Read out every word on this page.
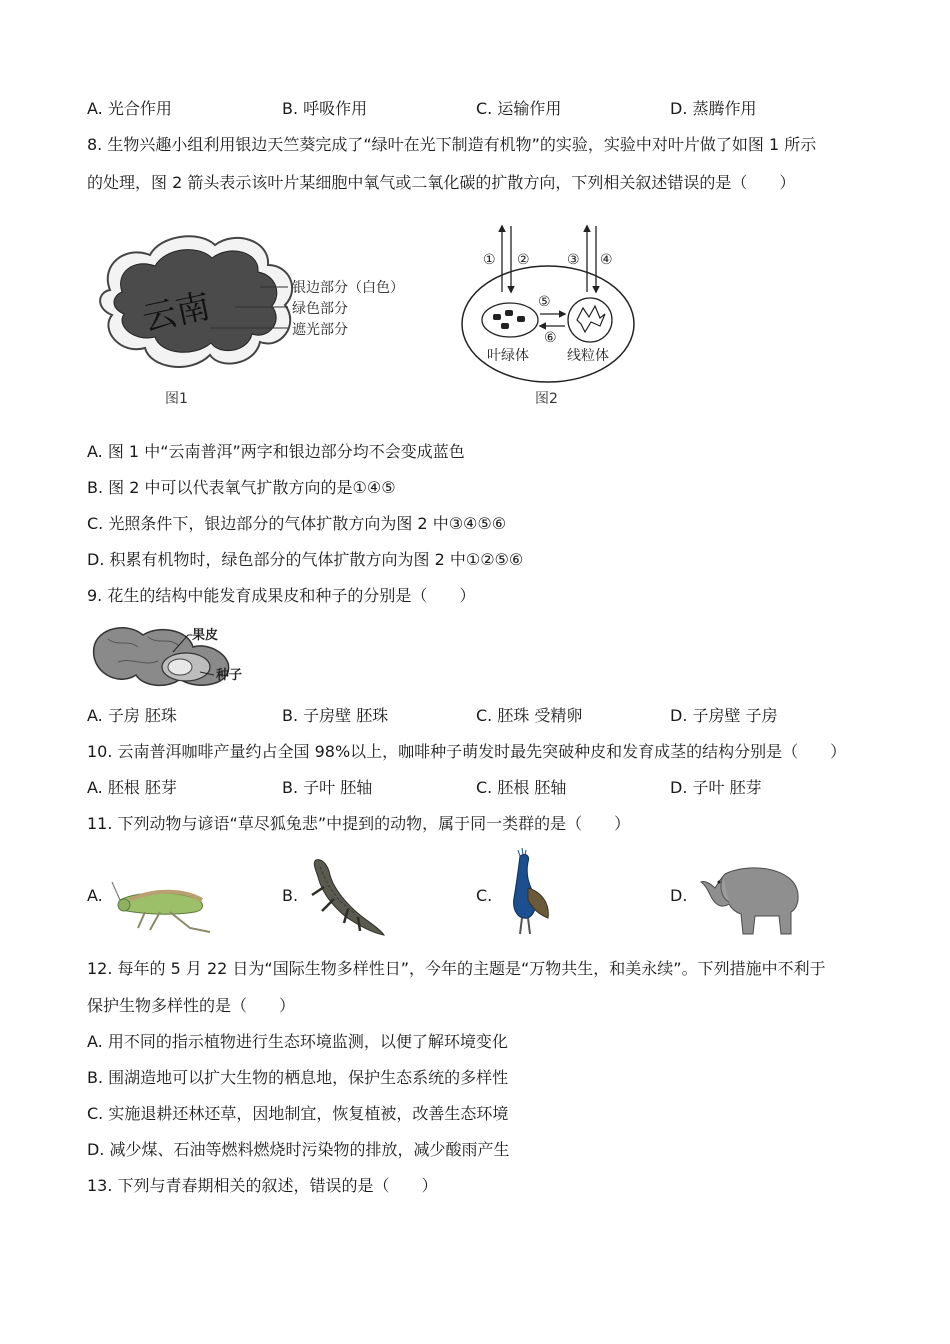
A. 光合作用	B. 呼吸作用	C. 运输作用	D. 蒸腾作用
8. 生物兴趣小组利用银边天竺葵完成了“绿叶在光下制造有机物”的实验，实验中对叶片做了如图 1 所示
的处理，图 2 箭头表示该叶片某细胞中氧气或二氧化碳的扩散方向，下列相关叙述错误的是（　　）
云南	银边部分（白色）
绿色部分
遮光部分
图1
① ②	③ ④
⑤
⑥
叶绿体	线粒体
图2
A. 图 1 中“云南普洱”两字和银边部分均不会变成蓝色
B. 图 2 中可以代表氧气扩散方向的是①④⑤
C. 光照条件下，银边部分的气体扩散方向为图 2 中③④⑤⑥
D. 积累有机物时，绿色部分的气体扩散方向为图 2 中①②⑤⑥
9. 花生的结构中能发育成果皮和种子的分别是（　　）
果皮
种子
A. 子房 胚珠	B. 子房壁 胚珠	C. 胚珠 受精卵	D. 子房壁 子房
10. 云南普洱咖啡产量约占全国 98%以上，咖啡种子萌发时最先突破种皮和发育成茎的结构分别是（　　）
A. 胚根 胚芽	B. 子叶 胚轴	C. 胚根 胚轴	D. 子叶 胚芽
11. 下列动物与谚语“草尽狐兔悲”中提到的动物，属于同一类群的是（　　）
A.	B.	C.	D.
12. 每年的 5 月 22 日为“国际生物多样性日”，今年的主题是“万物共生，和美永续”。下列措施中不利于
保护生物多样性的是（　　）
A. 用不同的指示植物进行生态环境监测，以便了解环境变化
B. 围湖造地可以扩大生物的栖息地，保护生态系统的多样性
C. 实施退耕还林还草，因地制宜，恢复植被，改善生态环境
D. 减少煤、石油等燃料燃烧时污染物的排放，减少酸雨产生
13. 下列与青春期相关的叙述，错误的是（　　）
